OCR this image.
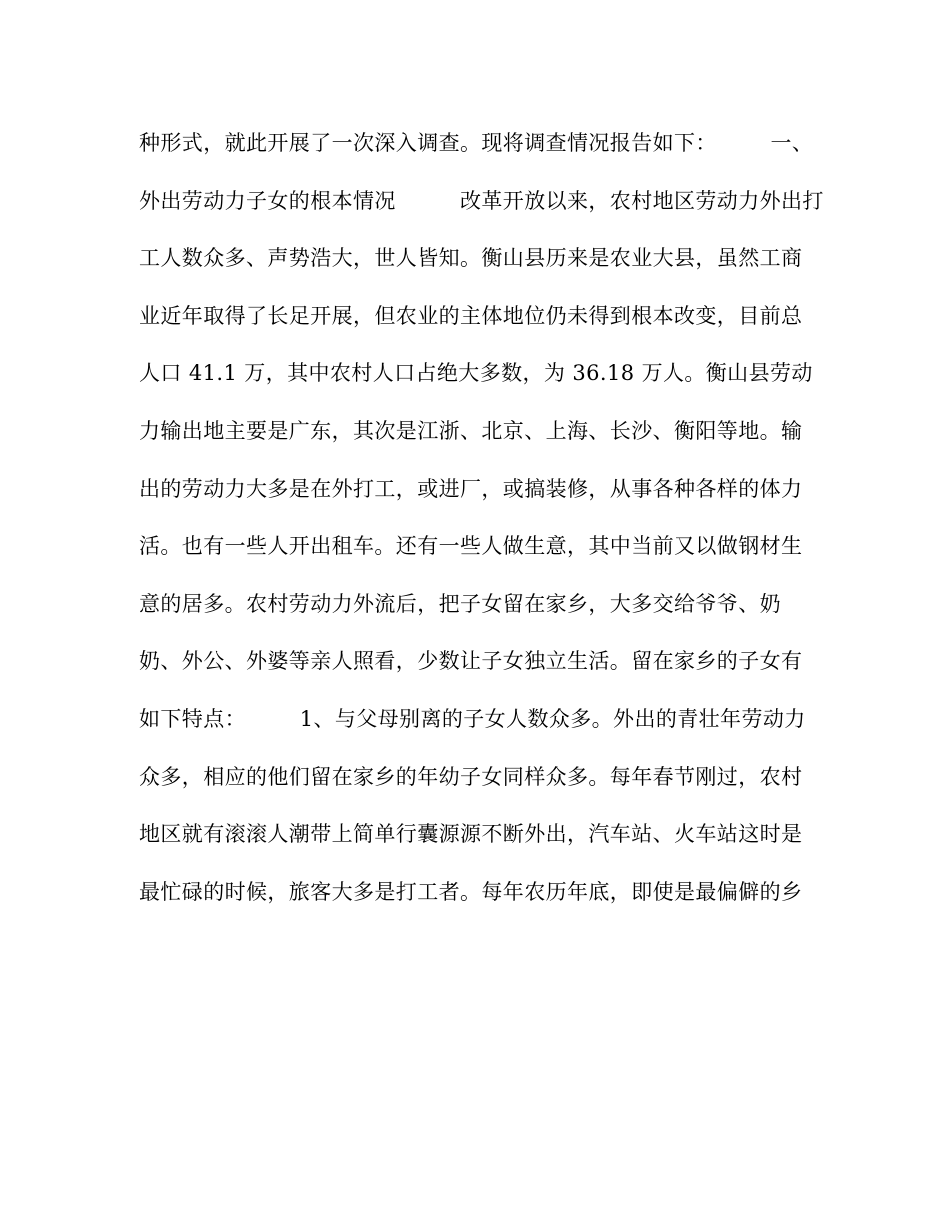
种形式，就此开展了一次深入调查。现将调查情况报告如下：　　　一、
外出劳动力子女的根本情况　　　改革开放以来，农村地区劳动力外出打
工人数众多、声势浩大，世人皆知。衡山县历来是农业大县，虽然工商
业近年取得了长足开展，但农业的主体地位仍未得到根本改变，目前总
人口 41.1 万，其中农村人口占绝大多数，为 36.18 万人。衡山县劳动
力输出地主要是广东，其次是江浙、北京、上海、长沙、衡阳等地。输
出的劳动力大多是在外打工，或进厂，或搞装修，从事各种各样的体力
活。也有一些人开出租车。还有一些人做生意，其中当前又以做钢材生
意的居多。农村劳动力外流后，把子女留在家乡，大多交给爷爷、奶
奶、外公、外婆等亲人照看，少数让子女独立生活。留在家乡的子女有
如下特点：　　　1、与父母别离的子女人数众多。外出的青壮年劳动力
众多，相应的他们留在家乡的年幼子女同样众多。每年春节刚过，农村
地区就有滚滚人潮带上简单行囊源源不断外出，汽车站、火车站这时是
最忙碌的时候，旅客大多是打工者。每年农历年底，即使是最偏僻的乡
